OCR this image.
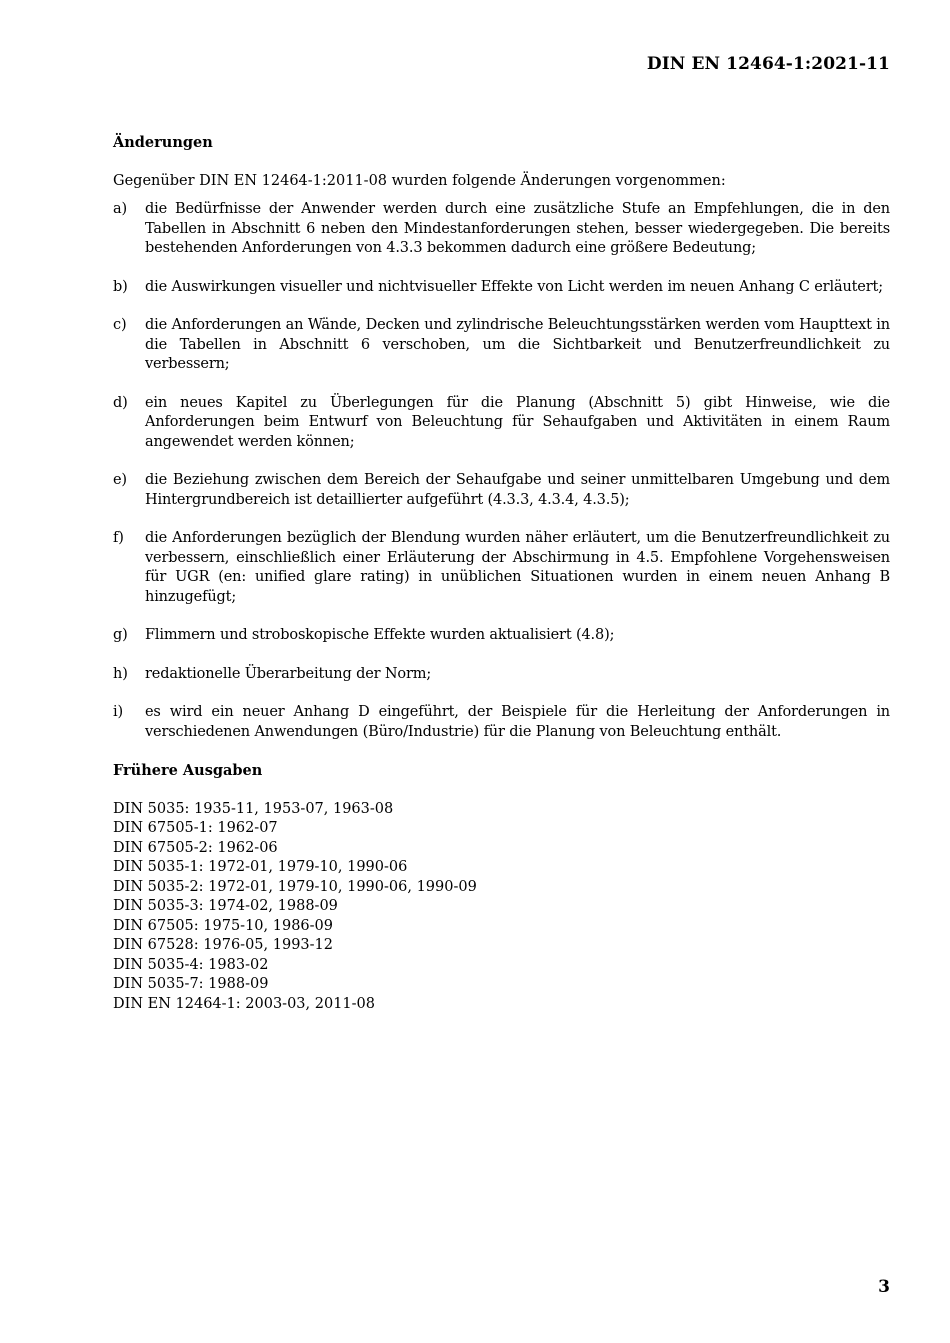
DIN EN 12464-1:2021-11
Änderungen

Gegenüber DIN EN 12464-1:2011-08 wurden folgende Änderungen vorgenommen:

a) die Bedürfnisse der Anwender werden durch eine zusätzliche Stufe an Empfehlungen, die in den Tabellen in Abschnitt 6 neben den Mindestanforderungen stehen, besser wiedergegeben. Die bereits bestehenden Anforderungen von 4.3.3 bekommen dadurch eine größere Bedeutung;
b) die Auswirkungen visueller und nichtvisueller Effekte von Licht werden im neuen Anhang C erläutert;
c) die Anforderungen an Wände, Decken und zylindrische Beleuchtungsstärken werden vom Haupttext in die Tabellen in Abschnitt 6 verschoben, um die Sichtbarkeit und Benutzerfreundlichkeit zu verbessern;
d) ein neues Kapitel zu Überlegungen für die Planung (Abschnitt 5) gibt Hinweise, wie die Anforderungen beim Entwurf von Beleuchtung für Sehaufgaben und Aktivitäten in einem Raum angewendet werden können;
e) die Beziehung zwischen dem Bereich der Sehaufgabe und seiner unmittelbaren Umgebung und dem Hintergrundbereich ist detaillierter aufgeführt (4.3.3, 4.3.4, 4.3.5);
f) die Anforderungen bezüglich der Blendung wurden näher erläutert, um die Benutzerfreundlichkeit zu verbessern, einschließlich einer Erläuterung der Abschirmung in 4.5. Empfohlene Vorgehensweisen für UGR (en: unified glare rating) in unüblichen Situationen wurden in einem neuen Anhang B hinzugefügt;
g) Flimmern und stroboskopische Effekte wurden aktualisiert (4.8);
h) redaktionelle Überarbeitung der Norm;
i) es wird ein neuer Anhang D eingeführt, der Beispiele für die Herleitung der Anforderungen in verschiedenen Anwendungen (Büro/Industrie) für die Planung von Beleuchtung enthält.
Frühere Ausgaben
DIN 5035: 1935-11, 1953-07, 1963-08
DIN 67505-1: 1962-07
DIN 67505-2: 1962-06
DIN 5035-1: 1972-01, 1979-10, 1990-06
DIN 5035-2: 1972-01, 1979-10, 1990-06, 1990-09
DIN 5035-3: 1974-02, 1988-09
DIN 67505: 1975-10, 1986-09
DIN 67528: 1976-05, 1993-12
DIN 5035-4: 1983-02
DIN 5035-7: 1988-09
DIN EN 12464-1: 2003-03, 2011-08
3
